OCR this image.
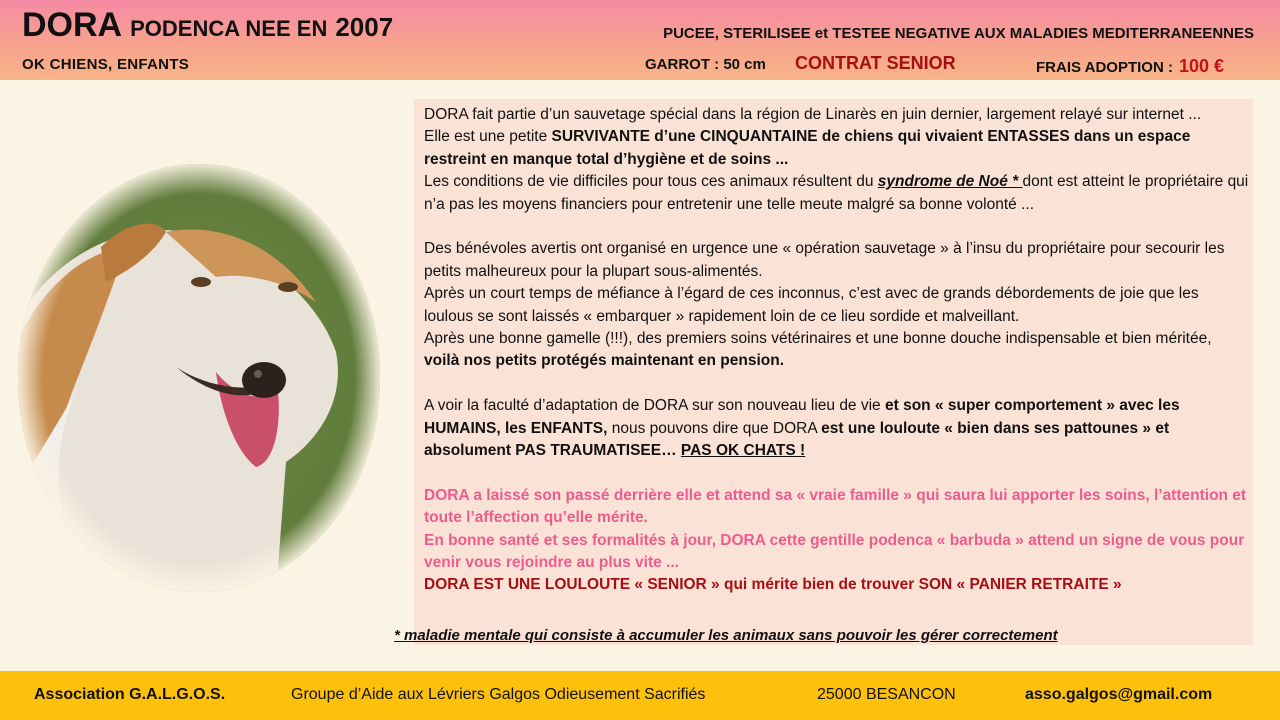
DORA PODENCA NEE EN 2007
OK CHIENS, ENFANTS
PUCEE, STERILISEE et TESTEE NEGATIVE AUX MALADIES MEDITERRANEENNES
GARROT : 50 cm CONTRAT SENIOR	FRAIS ADOPTION : 100 €

DORA fait partie d’un sauvetage spécial dans la région de Linarès en juin dernier, largement relayé sur internet ...

Elle est une petite SURVIVANTE d’une CINQUANTAINE de chiens qui vivaient ENTASSES dans un espace restreint en manque total d’hygiène et de soins ...

Les conditions de vie difficiles pour tous ces animaux résultent du syndrome de Noé * dont est atteint le propriétaire qui n’a pas les moyens financiers pour entretenir une telle meute malgré sa bonne volonté ...

Des bénévoles avertis ont organisé en urgence une « opération sauvetage » à l’insu du propriétaire pour secourir les petits malheureux pour la plupart sous-alimentés.

Après un court temps de méfiance à l’égard de ces inconnus, c’est avec de grands débordements de joie que les loulous se sont laissés « embarquer » rapidement loin de ce lieu sordide et malveillant.

Après une bonne gamelle (!!!), des premiers soins vétérinaires et une bonne douche indispensable et bien méritée, voilà nos petits protégés maintenant en pension.

A voir la faculté d’adaptation de DORA sur son nouveau lieu de vie et son « super comportement » avec les HUMAINS, les ENFANTS, nous pouvons dire que DORA est une louloute « bien dans ses pattounes » et absolument PAS TRAUMATISEE… PAS OK CHATS !

DORA a laissé son passé derrière elle et attend sa « vraie famille » qui saura lui apporter les soins, l’attention et toute l’affection qu’elle mérite.

En bonne santé et ses formalités à jour, DORA cette gentille podenca « barbuda » attend un signe de vous pour venir vous rejoindre au plus vite ...

DORA EST UNE LOULOUTE « SENIOR » qui mérite bien de trouver SON « PANIER RETRAITE »

* maladie mentale qui consiste à accumuler les animaux sans pouvoir les gérer correctement
Association G.A.L.G.O.S.	Groupe d’Aide aux Lévriers Galgos Odieusement Sacrifiés	25000 BESANCON	asso.galgos@gmail.com
